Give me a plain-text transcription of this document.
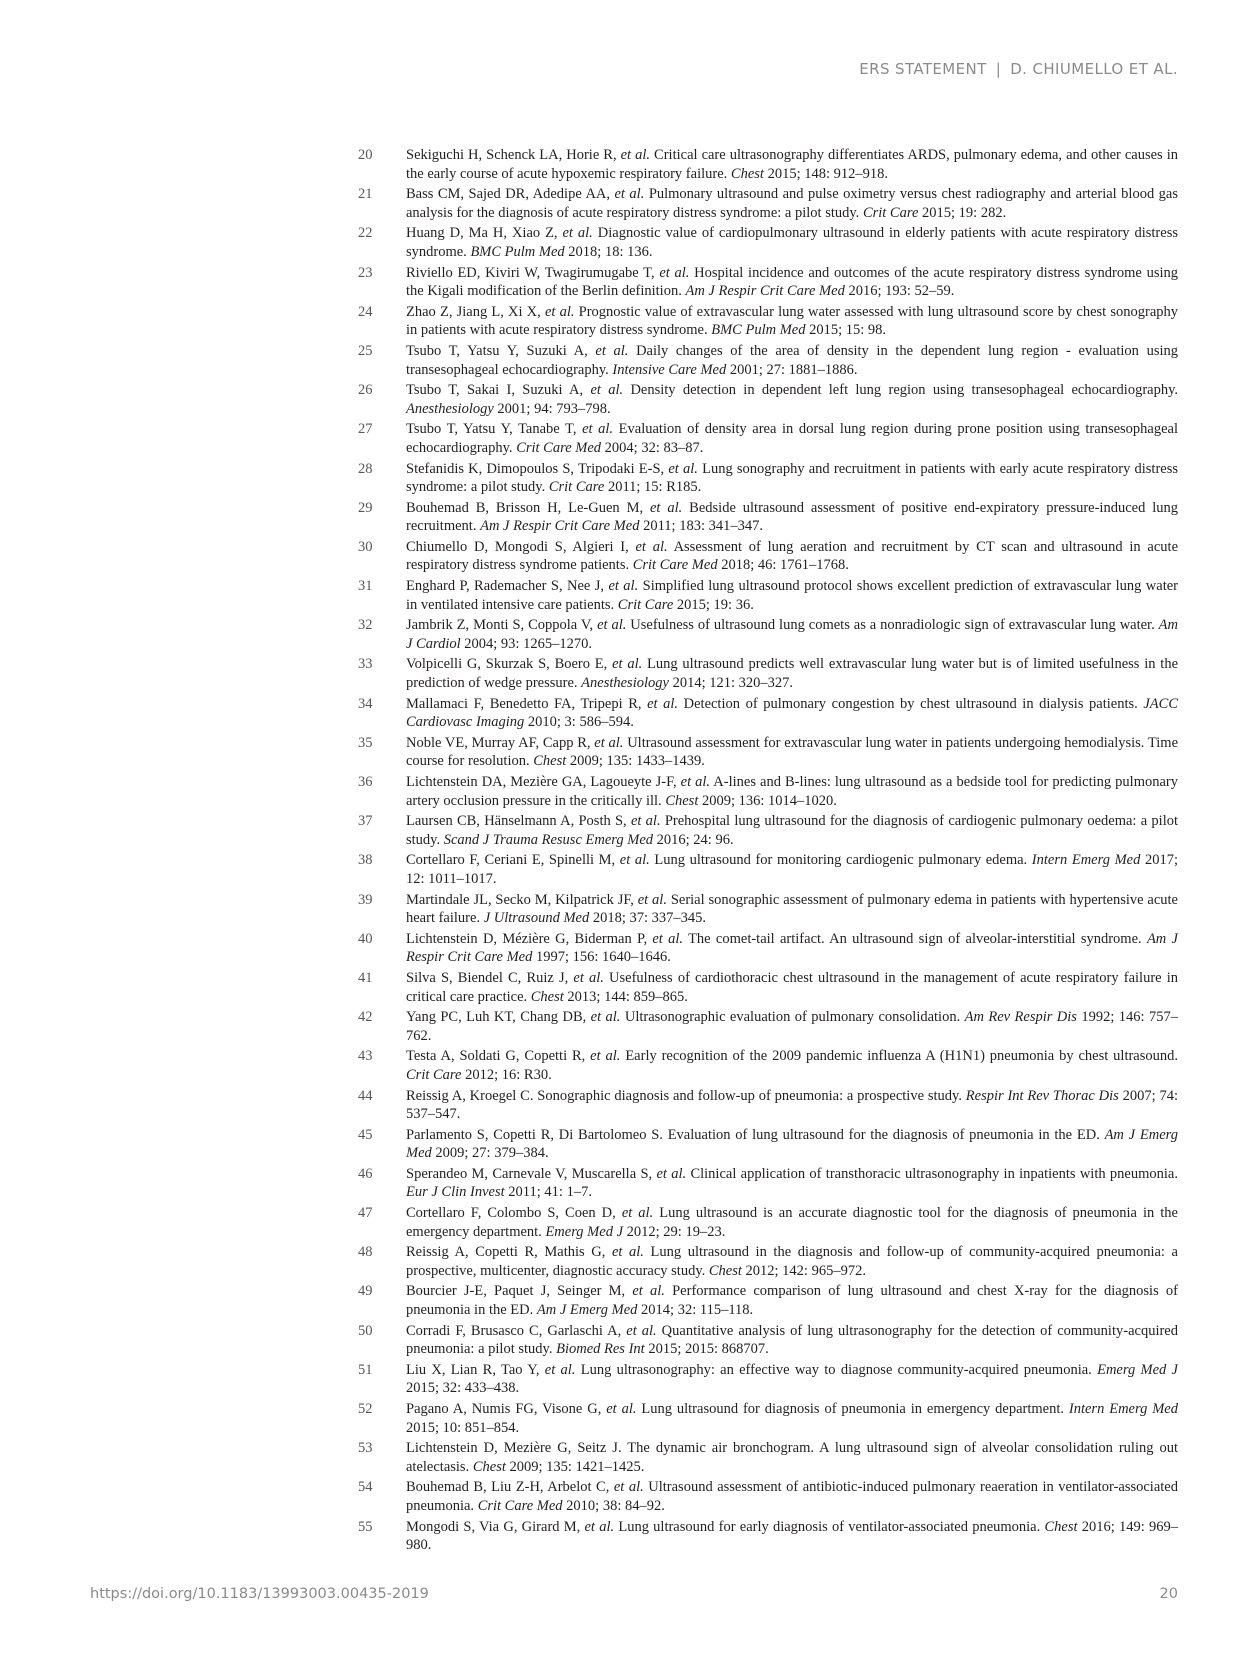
ERS STATEMENT | D. CHIUMELLO ET AL.
20	Sekiguchi H, Schenck LA, Horie R, et al. Critical care ultrasonography differentiates ARDS, pulmonary edema, and other causes in the early course of acute hypoxemic respiratory failure. Chest 2015; 148: 912–918.
21	Bass CM, Sajed DR, Adedipe AA, et al. Pulmonary ultrasound and pulse oximetry versus chest radiography and arterial blood gas analysis for the diagnosis of acute respiratory distress syndrome: a pilot study. Crit Care 2015; 19: 282.
22	Huang D, Ma H, Xiao Z, et al. Diagnostic value of cardiopulmonary ultrasound in elderly patients with acute respiratory distress syndrome. BMC Pulm Med 2018; 18: 136.
23	Riviello ED, Kiviri W, Twagirumugabe T, et al. Hospital incidence and outcomes of the acute respiratory distress syndrome using the Kigali modification of the Berlin definition. Am J Respir Crit Care Med 2016; 193: 52–59.
24	Zhao Z, Jiang L, Xi X, et al. Prognostic value of extravascular lung water assessed with lung ultrasound score by chest sonography in patients with acute respiratory distress syndrome. BMC Pulm Med 2015; 15: 98.
25	Tsubo T, Yatsu Y, Suzuki A, et al. Daily changes of the area of density in the dependent lung region - evaluation using transesophageal echocardiography. Intensive Care Med 2001; 27: 1881–1886.
26	Tsubo T, Sakai I, Suzuki A, et al. Density detection in dependent left lung region using transesophageal echocardiography. Anesthesiology 2001; 94: 793–798.
27	Tsubo T, Yatsu Y, Tanabe T, et al. Evaluation of density area in dorsal lung region during prone position using transesophageal echocardiography. Crit Care Med 2004; 32: 83–87.
28	Stefanidis K, Dimopoulos S, Tripodaki E-S, et al. Lung sonography and recruitment in patients with early acute respiratory distress syndrome: a pilot study. Crit Care 2011; 15: R185.
29	Bouhemad B, Brisson H, Le-Guen M, et al. Bedside ultrasound assessment of positive end-expiratory pressure-induced lung recruitment. Am J Respir Crit Care Med 2011; 183: 341–347.
30	Chiumello D, Mongodi S, Algieri I, et al. Assessment of lung aeration and recruitment by CT scan and ultrasound in acute respiratory distress syndrome patients. Crit Care Med 2018; 46: 1761–1768.
31	Enghard P, Rademacher S, Nee J, et al. Simplified lung ultrasound protocol shows excellent prediction of extravascular lung water in ventilated intensive care patients. Crit Care 2015; 19: 36.
32	Jambrik Z, Monti S, Coppola V, et al. Usefulness of ultrasound lung comets as a nonradiologic sign of extravascular lung water. Am J Cardiol 2004; 93: 1265–1270.
33	Volpicelli G, Skurzak S, Boero E, et al. Lung ultrasound predicts well extravascular lung water but is of limited usefulness in the prediction of wedge pressure. Anesthesiology 2014; 121: 320–327.
34	Mallamaci F, Benedetto FA, Tripepi R, et al. Detection of pulmonary congestion by chest ultrasound in dialysis patients. JACC Cardiovasc Imaging 2010; 3: 586–594.
35	Noble VE, Murray AF, Capp R, et al. Ultrasound assessment for extravascular lung water in patients undergoing hemodialysis. Time course for resolution. Chest 2009; 135: 1433–1439.
36	Lichtenstein DA, Mezière GA, Lagoueyte J-F, et al. A-lines and B-lines: lung ultrasound as a bedside tool for predicting pulmonary artery occlusion pressure in the critically ill. Chest 2009; 136: 1014–1020.
37	Laursen CB, Hänselmann A, Posth S, et al. Prehospital lung ultrasound for the diagnosis of cardiogenic pulmonary oedema: a pilot study. Scand J Trauma Resusc Emerg Med 2016; 24: 96.
38	Cortellaro F, Ceriani E, Spinelli M, et al. Lung ultrasound for monitoring cardiogenic pulmonary edema. Intern Emerg Med 2017; 12: 1011–1017.
39	Martindale JL, Secko M, Kilpatrick JF, et al. Serial sonographic assessment of pulmonary edema in patients with hypertensive acute heart failure. J Ultrasound Med 2018; 37: 337–345.
40	Lichtenstein D, Mézière G, Biderman P, et al. The comet-tail artifact. An ultrasound sign of alveolar-interstitial syndrome. Am J Respir Crit Care Med 1997; 156: 1640–1646.
41	Silva S, Biendel C, Ruiz J, et al. Usefulness of cardiothoracic chest ultrasound in the management of acute respiratory failure in critical care practice. Chest 2013; 144: 859–865.
42	Yang PC, Luh KT, Chang DB, et al. Ultrasonographic evaluation of pulmonary consolidation. Am Rev Respir Dis 1992; 146: 757–762.
43	Testa A, Soldati G, Copetti R, et al. Early recognition of the 2009 pandemic influenza A (H1N1) pneumonia by chest ultrasound. Crit Care 2012; 16: R30.
44	Reissig A, Kroegel C. Sonographic diagnosis and follow-up of pneumonia: a prospective study. Respir Int Rev Thorac Dis 2007; 74: 537–547.
45	Parlamento S, Copetti R, Di Bartolomeo S. Evaluation of lung ultrasound for the diagnosis of pneumonia in the ED. Am J Emerg Med 2009; 27: 379–384.
46	Sperandeo M, Carnevale V, Muscarella S, et al. Clinical application of transthoracic ultrasonography in inpatients with pneumonia. Eur J Clin Invest 2011; 41: 1–7.
47	Cortellaro F, Colombo S, Coen D, et al. Lung ultrasound is an accurate diagnostic tool for the diagnosis of pneumonia in the emergency department. Emerg Med J 2012; 29: 19–23.
48	Reissig A, Copetti R, Mathis G, et al. Lung ultrasound in the diagnosis and follow-up of community-acquired pneumonia: a prospective, multicenter, diagnostic accuracy study. Chest 2012; 142: 965–972.
49	Bourcier J-E, Paquet J, Seinger M, et al. Performance comparison of lung ultrasound and chest X-ray for the diagnosis of pneumonia in the ED. Am J Emerg Med 2014; 32: 115–118.
50	Corradi F, Brusasco C, Garlaschi A, et al. Quantitative analysis of lung ultrasonography for the detection of community-acquired pneumonia: a pilot study. Biomed Res Int 2015; 2015: 868707.
51	Liu X, Lian R, Tao Y, et al. Lung ultrasonography: an effective way to diagnose community-acquired pneumonia. Emerg Med J 2015; 32: 433–438.
52	Pagano A, Numis FG, Visone G, et al. Lung ultrasound for diagnosis of pneumonia in emergency department. Intern Emerg Med 2015; 10: 851–854.
53	Lichtenstein D, Mezière G, Seitz J. The dynamic air bronchogram. A lung ultrasound sign of alveolar consolidation ruling out atelectasis. Chest 2009; 135: 1421–1425.
54	Bouhemad B, Liu Z-H, Arbelot C, et al. Ultrasound assessment of antibiotic-induced pulmonary reaeration in ventilator-associated pneumonia. Crit Care Med 2010; 38: 84–92.
55	Mongodi S, Via G, Girard M, et al. Lung ultrasound for early diagnosis of ventilator-associated pneumonia. Chest 2016; 149: 969–980.
https://doi.org/10.1183/13993003.00435-2019	20
